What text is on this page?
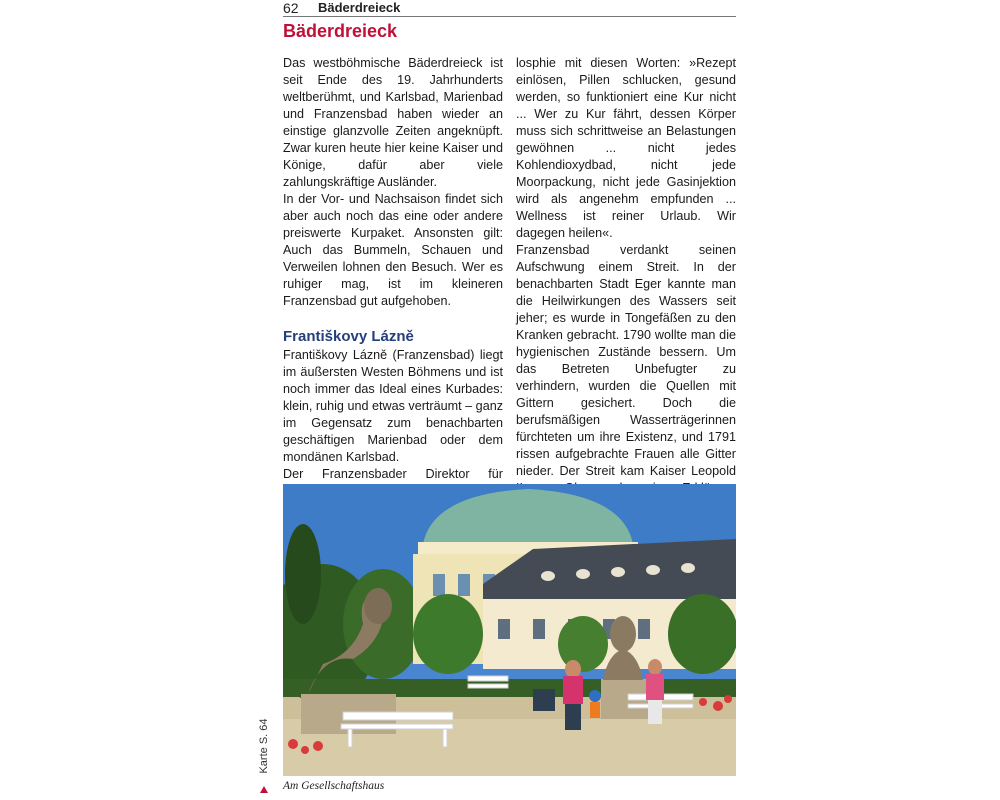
62 Bäderdreieck
Bäderdreieck

Das westböhmische Bäderdreieck ist seit Ende des 19. Jahrhunderts weltberühmt, und Karlsbad, Marienbad und Franzensbad haben wieder an einstige glanzvolle Zeiten angeknüpft. Zwar kuren heute hier keine Kaiser und Könige, dafür aber viele zahlungskräftige Ausländer.

In der Vor- und Nachsaison findet sich aber auch noch das eine oder andere preiswerte Kurpaket. Ansonsten gilt: Auch das Bummeln, Schauen und Verweilen lohnen den Besuch. Wer es ruhiger mag, ist im kleineren Franzensbad gut aufgehoben.

Františkovy Lázně

Františkovy Lázně (Franzensbad) liegt im äußersten Westen Böhmens und ist noch immer das Ideal eines Kurbades: klein, ruhig und etwas verträumt – ganz im Gegensatz zum benachbarten geschäftigen Marienbad oder dem mondänen Karlsbad.

Der Franzensbader Direktor für

losphie mit diesen Worten: »Rezept einlösen, Pillen schlucken, gesund werden, so funktioniert eine Kur nicht ... Wer zu Kur fährt, dessen Körper muss sich schrittweise an Belastungen gewöhnen ... nicht jedes Kohlendioxydbad, nicht jede Moorpackung, nicht jede Gasinjektion wird als angenehm empfunden ... Wellness ist reiner Urlaub. Wir dagegen heilen«.

Franzensbad verdankt seinen Aufschwung einem Streit. In der benachbarten Stadt Eger kannte man die Heilwirkungen des Wassers seit jeher; es wurde in Tongefäßen zu den Kranken gebracht. 1790 wollte man die hygienischen Zustände bessern. Um das Betreten Unbefugter zu verhindern, wurden die Quellen mit Gittern gesichert. Doch die berufsmäßigen Wasserträgerinnen fürchteten um ihre Existenz, und 1791 rissen aufgebrachte Frauen alle Gitter nieder. Der Streit kam Kaiser Leopold

Am Gesellschaftshaus
Karte S. 64
